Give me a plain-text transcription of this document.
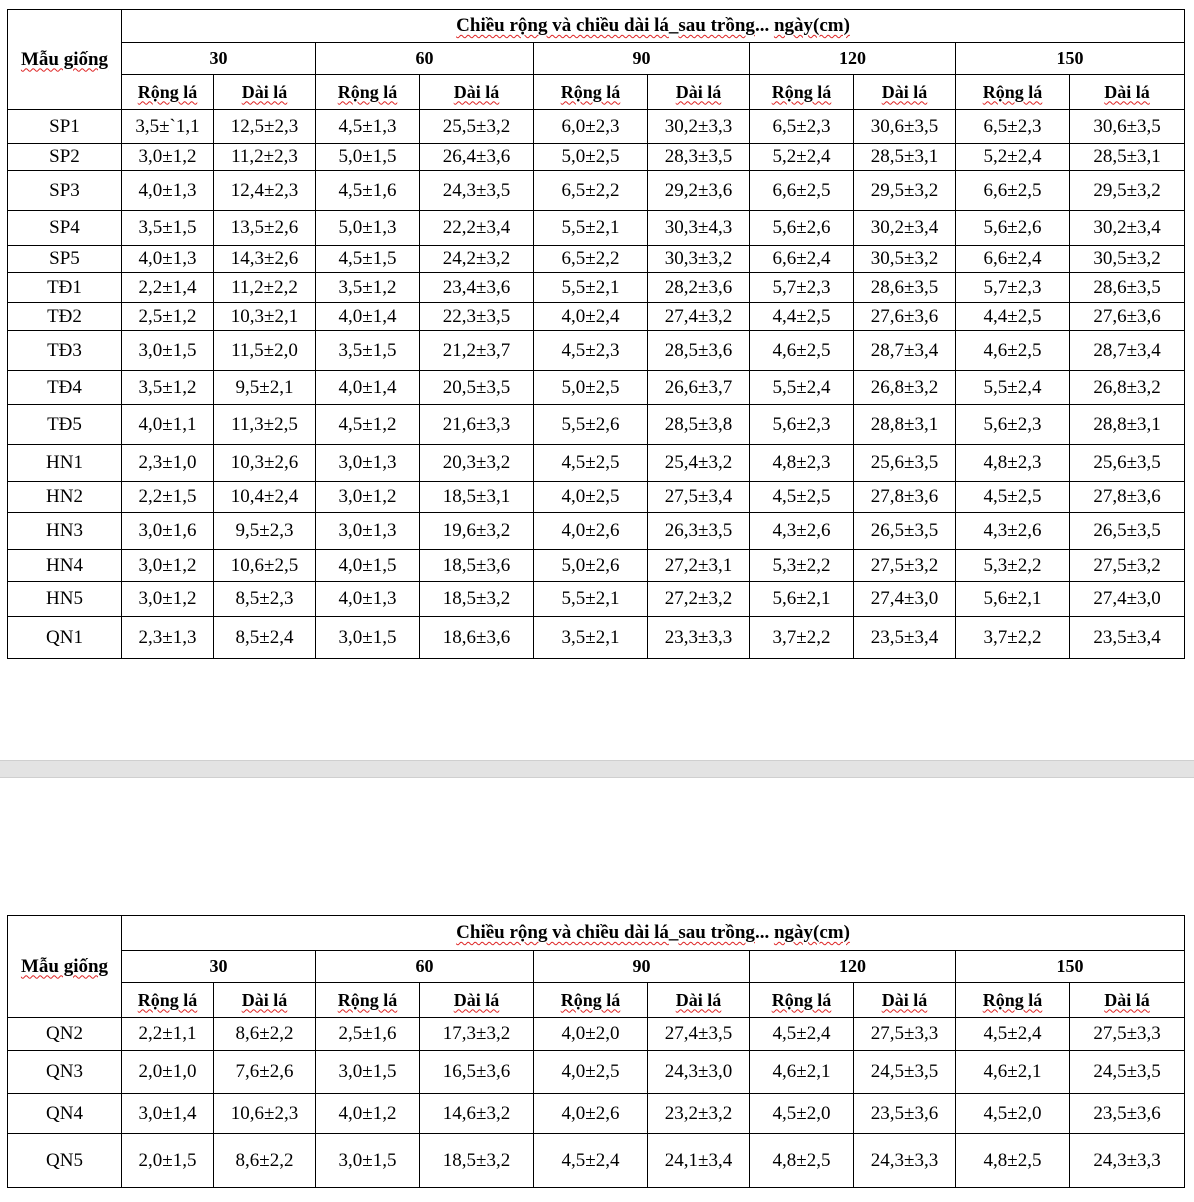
Mẫu giống	Chiều rộng và chiều dài lá_sau trồng... ngày(cm)									
	30		60		90		120		150	
	Rộng lá	Dài lá	Rộng lá	Dài lá	Rộng lá	Dài lá	Rộng lá	Dài lá	Rộng lá	Dài lá
SP1	3,5±`1,1	12,5±2,3	4,5±1,3	25,5±3,2	6,0±2,3	30,2±3,3	6,5±2,3	30,6±3,5	6,5±2,3	30,6±3,5
SP2	3,0±1,2	11,2±2,3	5,0±1,5	26,4±3,6	5,0±2,5	28,3±3,5	5,2±2,4	28,5±3,1	5,2±2,4	28,5±3,1
SP3	4,0±1,3	12,4±2,3	4,5±1,6	24,3±3,5	6,5±2,2	29,2±3,6	6,6±2,5	29,5±3,2	6,6±2,5	29,5±3,2
SP4	3,5±1,5	13,5±2,6	5,0±1,3	22,2±3,4	5,5±2,1	30,3±4,3	5,6±2,6	30,2±3,4	5,6±2,6	30,2±3,4
SP5	4,0±1,3	14,3±2,6	4,5±1,5	24,2±3,2	6,5±2,2	30,3±3,2	6,6±2,4	30,5±3,2	6,6±2,4	30,5±3,2
TĐ1	2,2±1,4	11,2±2,2	3,5±1,2	23,4±3,6	5,5±2,1	28,2±3,6	5,7±2,3	28,6±3,5	5,7±2,3	28,6±3,5
TĐ2	2,5±1,2	10,3±2,1	4,0±1,4	22,3±3,5	4,0±2,4	27,4±3,2	4,4±2,5	27,6±3,6	4,4±2,5	27,6±3,6
TĐ3	3,0±1,5	11,5±2,0	3,5±1,5	21,2±3,7	4,5±2,3	28,5±3,6	4,6±2,5	28,7±3,4	4,6±2,5	28,7±3,4
TĐ4	3,5±1,2	9,5±2,1	4,0±1,4	20,5±3,5	5,0±2,5	26,6±3,7	5,5±2,4	26,8±3,2	5,5±2,4	26,8±3,2
TĐ5	4,0±1,1	11,3±2,5	4,5±1,2	21,6±3,3	5,5±2,6	28,5±3,8	5,6±2,3	28,8±3,1	5,6±2,3	28,8±3,1
HN1	2,3±1,0	10,3±2,6	3,0±1,3	20,3±3,2	4,5±2,5	25,4±3,2	4,8±2,3	25,6±3,5	4,8±2,3	25,6±3,5
HN2	2,2±1,5	10,4±2,4	3,0±1,2	18,5±3,1	4,0±2,5	27,5±3,4	4,5±2,5	27,8±3,6	4,5±2,5	27,8±3,6
HN3	3,0±1,6	9,5±2,3	3,0±1,3	19,6±3,2	4,0±2,6	26,3±3,5	4,3±2,6	26,5±3,5	4,3±2,6	26,5±3,5
HN4	3,0±1,2	10,6±2,5	4,0±1,5	18,5±3,6	5,0±2,6	27,2±3,1	5,3±2,2	27,5±3,2	5,3±2,2	27,5±3,2
HN5	3,0±1,2	8,5±2,3	4,0±1,3	18,5±3,2	5,5±2,1	27,2±3,2	5,6±2,1	27,4±3,0	5,6±2,1	27,4±3,0
QN1	2,3±1,3	8,5±2,4	3,0±1,5	18,6±3,6	3,5±2,1	23,3±3,3	3,7±2,2	23,5±3,4	3,7±2,2	23,5±3,4
Mẫu giống	Chiều rộng và chiều dài lá_sau trồng... ngày(cm)									
	30		60		90		120		150	
	Rộng lá	Dài lá	Rộng lá	Dài lá	Rộng lá	Dài lá	Rộng lá	Dài lá	Rộng lá	Dài lá
QN2	2,2±1,1	8,6±2,2	2,5±1,6	17,3±3,2	4,0±2,0	27,4±3,5	4,5±2,4	27,5±3,3	4,5±2,4	27,5±3,3
QN3	2,0±1,0	7,6±2,6	3,0±1,5	16,5±3,6	4,0±2,5	24,3±3,0	4,6±2,1	24,5±3,5	4,6±2,1	24,5±3,5
QN4	3,0±1,4	10,6±2,3	4,0±1,2	14,6±3,2	4,0±2,6	23,2±3,2	4,5±2,0	23,5±3,6	4,5±2,0	23,5±3,6
QN5	2,0±1,5	8,6±2,2	3,0±1,5	18,5±3,2	4,5±2,4	24,1±3,4	4,8±2,5	24,3±3,3	4,8±2,5	24,3±3,3
